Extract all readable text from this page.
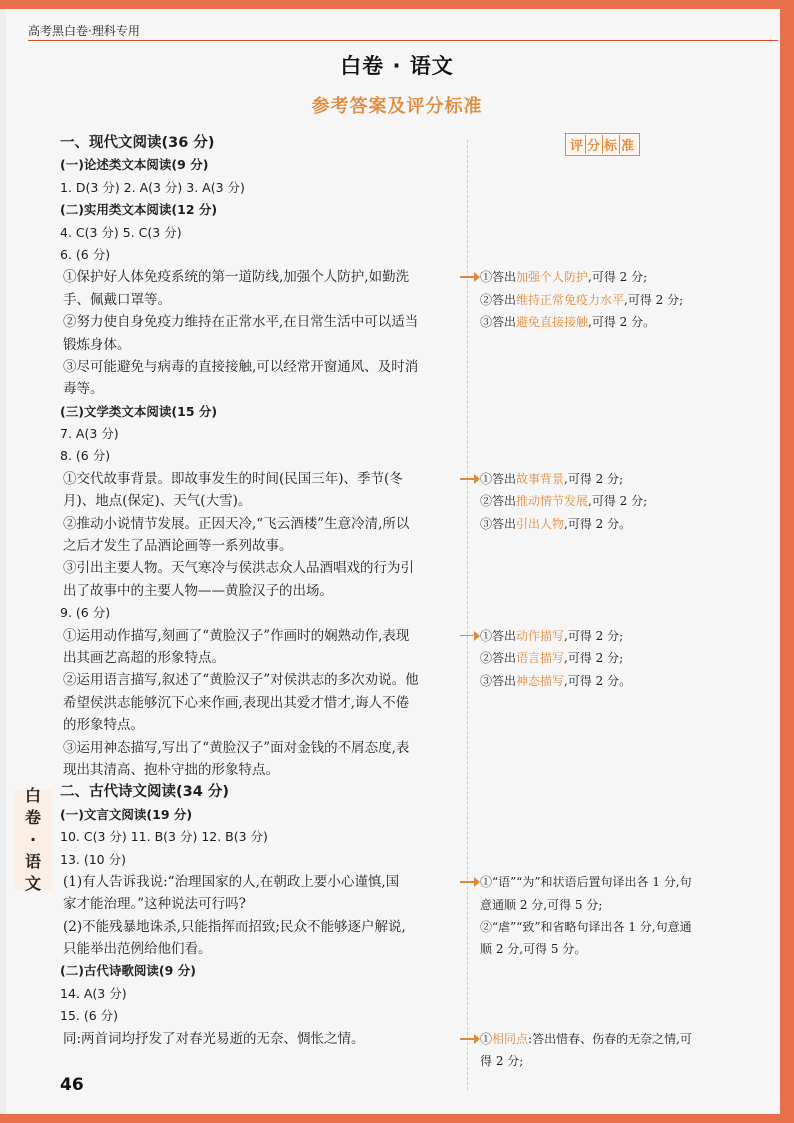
高考黑白卷·理科专用
白卷 · 语文
参考答案及评分标准
评 分 标 准
一、现代文阅读(36 分)
(一)论述类文本阅读(9 分)
1. D(3 分) 2. A(3 分) 3. A(3 分)
(二)实用类文本阅读(12 分)
4. C(3 分) 5. C(3 分)
6. (6 分)
①保护好人体免疫系统的第一道防线,加强个人防护,如勤洗
手、佩戴口罩等。
②努力使自身免疫力维持在正常水平,在日常生活中可以适当
锻炼身体。
③尽可能避免与病毒的直接接触,可以经常开窗通风、及时消
毒等。
(三)文学类文本阅读(15 分)
7. A(3 分)
8. (6 分)
①交代故事背景。即故事发生的时间(民国三年)、季节(冬
月)、地点(保定)、天气(大雪)。
②推动小说情节发展。正因天冷,“飞云酒楼”生意冷清,所以
之后才发生了品酒论画等一系列故事。
③引出主要人物。天气寒冷与侯洪志众人品酒唱戏的行为引
出了故事中的主要人物——黄脸汉子的出场。
9. (6 分)
①运用动作描写,刻画了“黄脸汉子”作画时的娴熟动作,表现
出其画艺高超的形象特点。
②运用语言描写,叙述了“黄脸汉子”对侯洪志的多次劝说。他
希望侯洪志能够沉下心来作画,表现出其爱才惜才,诲人不倦
的形象特点。
③运用神态描写,写出了“黄脸汉子”面对金钱的不屑态度,表
现出其清高、抱朴守拙的形象特点。
二、古代诗文阅读(34 分)
(一)文言文阅读(19 分)
10. C(3 分) 11. B(3 分) 12. B(3 分)
13. (10 分)
(1)有人告诉我说:“治理国家的人,在朝政上要小心谨慎,国
家才能治理。”这种说法可行吗?
(2)不能残暴地诛杀,只能指挥而招致;民众不能够逐户解说,
只能举出范例给他们看。
(二)古代诗歌阅读(9 分)
14. A(3 分)
15. (6 分)
同:两首词均抒发了对春光易逝的无奈、惆怅之情。
①答出加强个人防护,可得 2 分;
②答出维持正常免疫力水平,可得 2 分;
③答出避免直接接触,可得 2 分。
①答出故事背景,可得 2 分;
②答出推动情节发展,可得 2 分;
③答出引出人物,可得 2 分。
①答出动作描写,可得 2 分;
②答出语言描写,可得 2 分;
③答出神态描写,可得 2 分。
①“语”“为”和状语后置句译出各 1 分,句
意通顺 2 分,可得 5 分;
②“虐”“致”和省略句译出各 1 分,句意通
顺 2 分,可得 5 分。
①相同点:答出惜春、伤春的无奈之情,可
得 2 分;
白
卷
·
语
文
46
